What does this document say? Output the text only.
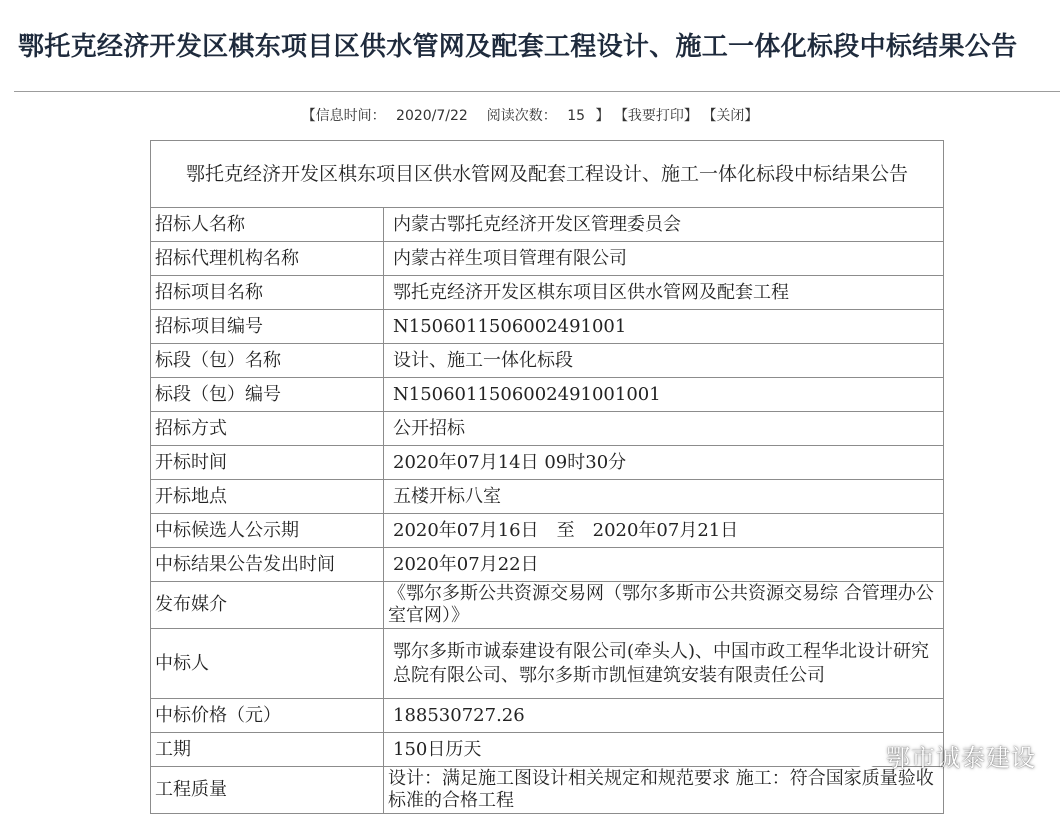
鄂托克经济开发区棋东项目区供水管网及配套工程设计、施工一体化标段中标结果公告
【信息时间： 2020/7/22 阅读次数： 15 】 【我要打印】 【关闭】
鄂托克经济开发区棋东项目区供水管网及配套工程设计、施工一体化标段中标结果公告	
招标人名称	内蒙古鄂托克经济开发区管理委员会
招标代理机构名称	内蒙古祥生项目管理有限公司
招标项目名称	鄂托克经济开发区棋东项目区供水管网及配套工程
招标项目编号	N1506011506002491001
标段（包）名称	设计、施工一体化标段
标段（包）编号	N1506011506002491001001
招标方式	公开招标
开标时间	2020年07月14日 09时30分
开标地点	五楼开标八室
中标候选人公示期	2020年07月16日　至　2020年07月21日
中标结果公告发出时间	2020年07月22日
发布媒介	《鄂尔多斯公共资源交易网（鄂尔多斯市公共资源交易综 合管理办公室官网）》
中标人	鄂尔多斯市诚泰建设有限公司(牵头人)、中国市政工程华北设计研究总院有限公司、鄂尔多斯市凯恒建筑安装有限责任公司
中标价格（元）	188530727.26
工期	150日历天
工程质量	设计：满足施工图设计相关规定和规范要求 施工：符合国家质量验收标准的合格工程
鄂市诚泰建设
